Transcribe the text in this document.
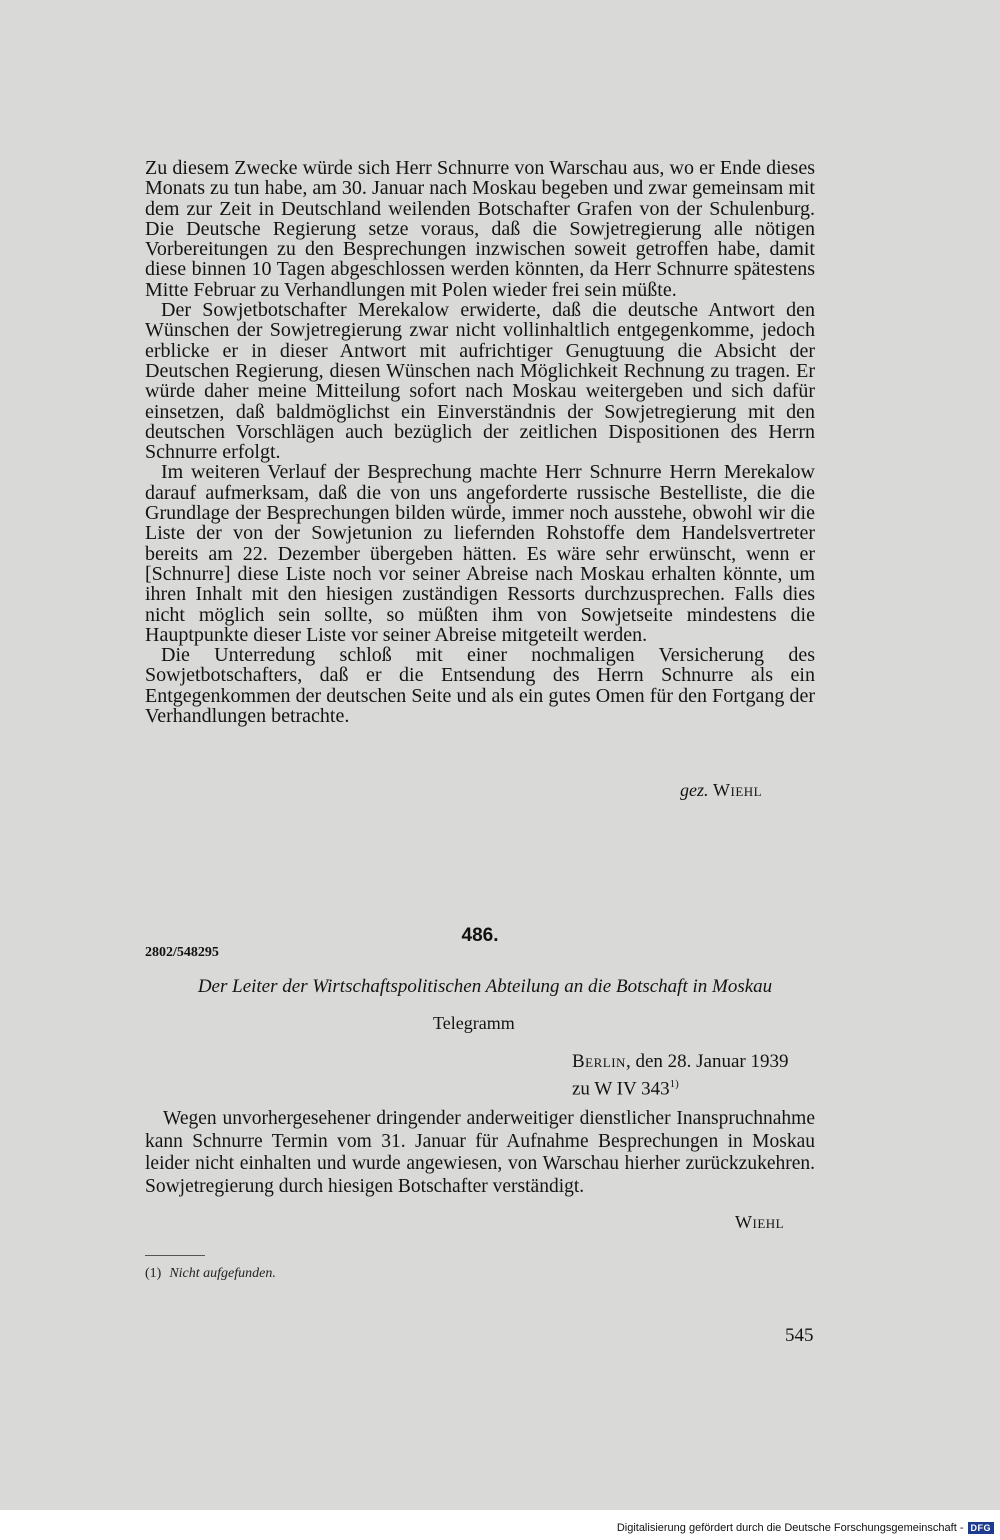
Zu diesem Zwecke würde sich Herr Schnurre von Warschau aus, wo er Ende dieses Monats zu tun habe, am 30. Januar nach Moskau begeben und zwar gemeinsam mit dem zur Zeit in Deutschland weilenden Botschafter Grafen von der Schulenburg. Die Deutsche Regierung setze voraus, daß die Sowjetregierung alle nötigen Vorbereitungen zu den Besprechungen inzwischen soweit getroffen habe, damit diese binnen 10 Tagen abgeschlossen werden könnten, da Herr Schnurre spätestens Mitte Februar zu Verhandlungen mit Polen wieder frei sein müßte.

Der Sowjetbotschafter Merekalow erwiderte, daß die deutsche Antwort den Wünschen der Sowjetregierung zwar nicht vollinhaltlich entgegenkomme, jedoch erblicke er in dieser Antwort mit aufrichtiger Genugtuung die Absicht der Deutschen Regierung, diesen Wünschen nach Möglichkeit Rechnung zu tragen. Er würde daher meine Mitteilung sofort nach Moskau weitergeben und sich dafür einsetzen, daß baldmöglichst ein Einverständnis der Sowjetregierung mit den deutschen Vorschlägen auch bezüglich der zeitlichen Dispositionen des Herrn Schnurre erfolgt.

Im weiteren Verlauf der Besprechung machte Herr Schnurre Herrn Merekalow darauf aufmerksam, daß die von uns angeforderte russische Bestelliste, die die Grundlage der Besprechungen bilden würde, immer noch ausstehe, obwohl wir die Liste der von der Sowjetunion zu liefernden Rohstoffe dem Handelsvertreter bereits am 22. Dezember übergeben hätten. Es wäre sehr erwünscht, wenn er [Schnurre] diese Liste noch vor seiner Abreise nach Moskau erhalten könnte, um ihren Inhalt mit den hiesigen zuständigen Ressorts durchzusprechen. Falls dies nicht möglich sein sollte, so müßten ihm von Sowjetseite mindestens die Hauptpunkte dieser Liste vor seiner Abreise mitgeteilt werden.

Die Unterredung schloß mit einer nochmaligen Versicherung des Sowjetbotschafters, daß er die Entsendung des Herrn Schnurre als ein Entgegenkommen der deutschen Seite und als ein gutes Omen für den Fortgang der Verhandlungen betrachte.

gez. Wiehl
486.
2802/548295
Der Leiter der Wirtschaftspolitischen Abteilung an die Botschaft in Moskau
Telegramm
Berlin, den 28. Januar 1939
zu W IV 343$^{1)}$

Wegen unvorhergesehener dringender anderweitiger dienstlicher Inanspruchnahme kann Schnurre Termin vom 31. Januar für Aufnahme Besprechungen in Moskau leider nicht einhalten und wurde angewiesen, von Warschau hierher zurückzukehren. Sowjetregierung durch hiesigen Botschafter verständigt.

Wiehl
(1) Nicht aufgefunden.
545
Digitalisierung gefördert durch die Deutsche Forschungsgemeinschaft - DFG
